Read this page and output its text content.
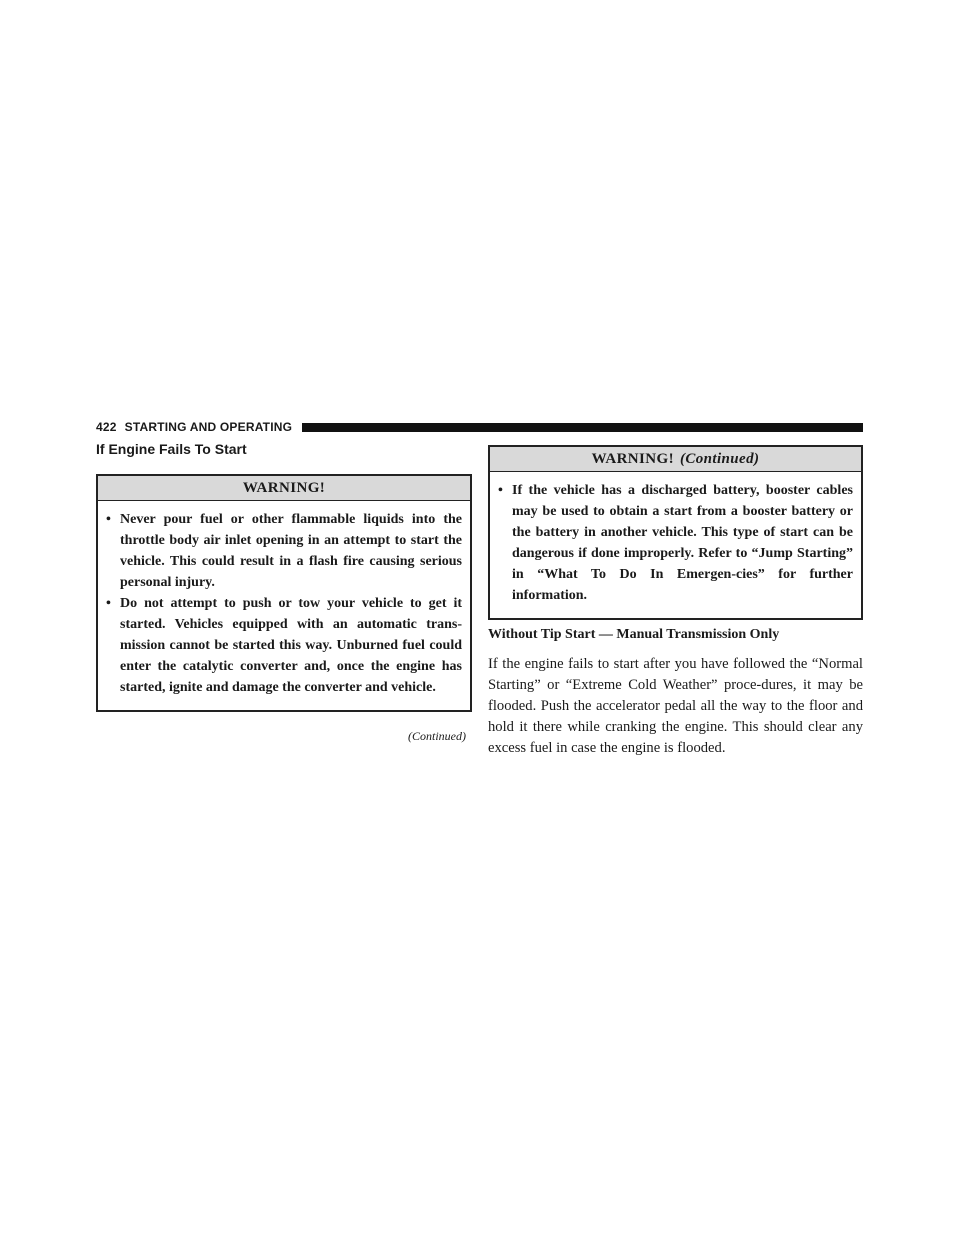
422 STARTING AND OPERATING
If Engine Fails To Start
WARNING!
• Never pour fuel or other flammable liquids into the throttle body air inlet opening in an attempt to start the vehicle. This could result in a flash fire causing serious personal injury.
• Do not attempt to push or tow your vehicle to get it started. Vehicles equipped with an automatic trans-mission cannot be started this way. Unburned fuel could enter the catalytic converter and, once the engine has started, ignite and damage the converter and vehicle.
(Continued)
WARNING! (Continued)
• If the vehicle has a discharged battery, booster cables may be used to obtain a start from a booster battery or the battery in another vehicle. This type of start can be dangerous if done improperly. Refer to “Jump Starting” in “What To Do In Emergen-cies” for further information.
Without Tip Start — Manual Transmission Only

If the engine fails to start after you have followed the “Normal Starting” or “Extreme Cold Weather” proce-dures, it may be flooded. Push the accelerator pedal all the way to the floor and hold it there while cranking the engine. This should clear any excess fuel in case the engine is flooded.
